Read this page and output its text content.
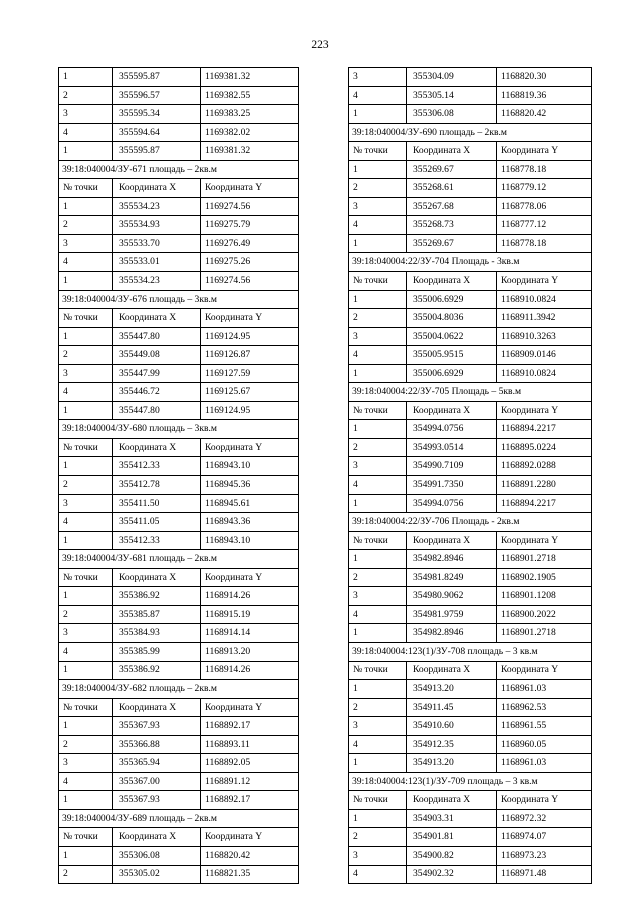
223
1	355595.87	1169381.32
2	355596.57	1169382.55
3	355595.34	1169383.25
4	355594.64	1169382.02
1	355595.87	1169381.32
39:18:040004/ЗУ-671 площадь – 2кв.м		
№ точки	Координата X	Координата Y
1	355534.23	1169274.56
2	355534.93	1169275.79
3	355533.70	1169276.49
4	355533.01	1169275.26
1	355534.23	1169274.56
39:18:040004/ЗУ-676 площадь – 3кв.м		
№ точки	Координата X	Координата Y
1	355447.80	1169124.95
2	355449.08	1169126.87
3	355447.99	1169127.59
4	355446.72	1169125.67
1	355447.80	1169124.95
39:18:040004/ЗУ-680 площадь – 3кв.м		
№ точки	Координата X	Координата Y
1	355412.33	1168943.10
2	355412.78	1168945.36
3	355411.50	1168945.61
4	355411.05	1168943.36
1	355412.33	1168943.10
39:18:040004/ЗУ-681 площадь – 2кв.м		
№ точки	Координата X	Координата Y
1	355386.92	1168914.26
2	355385.87	1168915.19
3	355384.93	1168914.14
4	355385.99	1168913.20
1	355386.92	1168914.26
39:18:040004/ЗУ-682 площадь – 2кв.м		
№ точки	Координата X	Координата Y
1	355367.93	1168892.17
2	355366.88	1168893.11
3	355365.94	1168892.05
4	355367.00	1168891.12
1	355367.93	1168892.17
39:18:040004/ЗУ-689 площадь – 2кв.м		
№ точки	Координата X	Координата Y
1	355306.08	1168820.42
2	355305.02	1168821.35
3	355304.09	1168820.30
4	355305.14	1168819.36
1	355306.08	1168820.42
39:18:040004/ЗУ-690 площадь – 2кв.м		
№ точки	Координата X	Координата Y
1	355269.67	1168778.18
2	355268.61	1168779.12
3	355267.68	1168778.06
4	355268.73	1168777.12
1	355269.67	1168778.18
39:18:040004:22/ЗУ-704 Площадь - 3кв.м		
№ точки	Координата X	Координата Y
1	355006.6929	1168910.0824
2	355004.8036	1168911.3942
3	355004.0622	1168910.3263
4	355005.9515	1168909.0146
1	355006.6929	1168910.0824
39:18:040004:22/ЗУ-705 Площадь – 5кв.м		
№ точки	Координата X	Координата Y
1	354994.0756	1168894.2217
2	354993.0514	1168895.0224
3	354990.7109	1168892.0288
4	354991.7350	1168891.2280
1	354994.0756	1168894.2217
39:18:040004:22/ЗУ-706 Площадь - 2кв.м		
№ точки	Координата X	Координата Y
1	354982.8946	1168901.2718
2	354981.8249	1168902.1905
3	354980.9062	1168901.1208
4	354981.9759	1168900.2022
1	354982.8946	1168901.2718
39:18:040004:123(1)/ЗУ-708 площадь – 3 кв.м		
№ точки	Координата X	Координата Y
1	354913.20	1168961.03
2	354911.45	1168962.53
3	354910.60	1168961.55
4	354912.35	1168960.05
1	354913.20	1168961.03
39:18:040004:123(1)/ЗУ-709 площадь – 3 кв.м		
№ точки	Координата X	Координата Y
1	354903.31	1168972.32
2	354901.81	1168974.07
3	354900.82	1168973.23
4	354902.32	1168971.48
